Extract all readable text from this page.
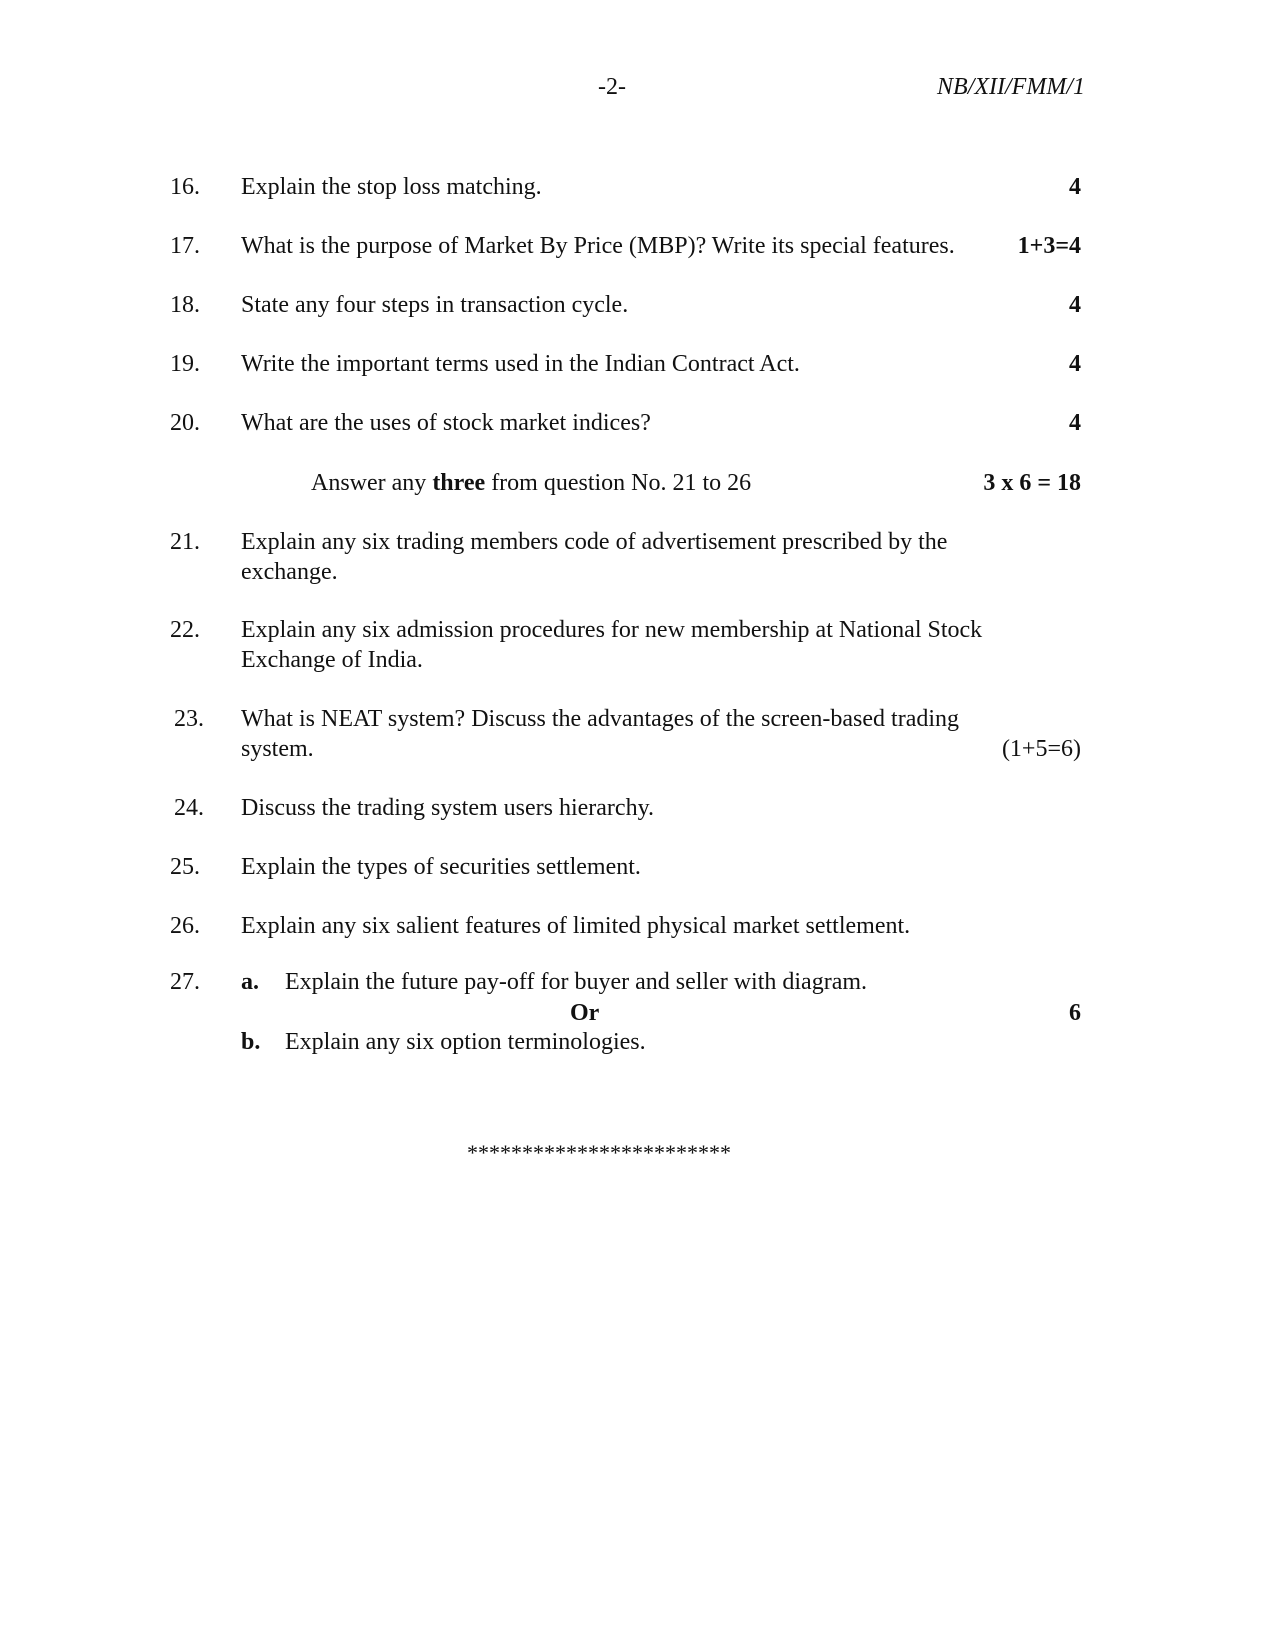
-2-	NB/XII/FMM/1
16. Explain the stop loss matching.	4
17. What is the purpose of Market By Price (MBP)? Write its special features.	1+3=4
18. State any four steps in transaction cycle.	4
19. Write the important terms used in the Indian Contract Act.	4
20. What are the uses of stock market indices?	4
Answer any three from question No. 21 to 26	3 x 6 = 18
21. Explain any six trading members code of advertisement prescribed by the
exchange.
22. Explain any six admission procedures for new membership at National Stock
Exchange of India.
23. What is NEAT system? Discuss the advantages of the screen-based trading
system.	(1+5=6)
24. Discuss the trading system users hierarchy.
25. Explain the types of securities settlement.
26. Explain any six salient features of limited physical market settlement.
27. a. Explain the future pay-off for buyer and seller with diagram.
Or	6
b. Explain any six option terminologies.
************************
